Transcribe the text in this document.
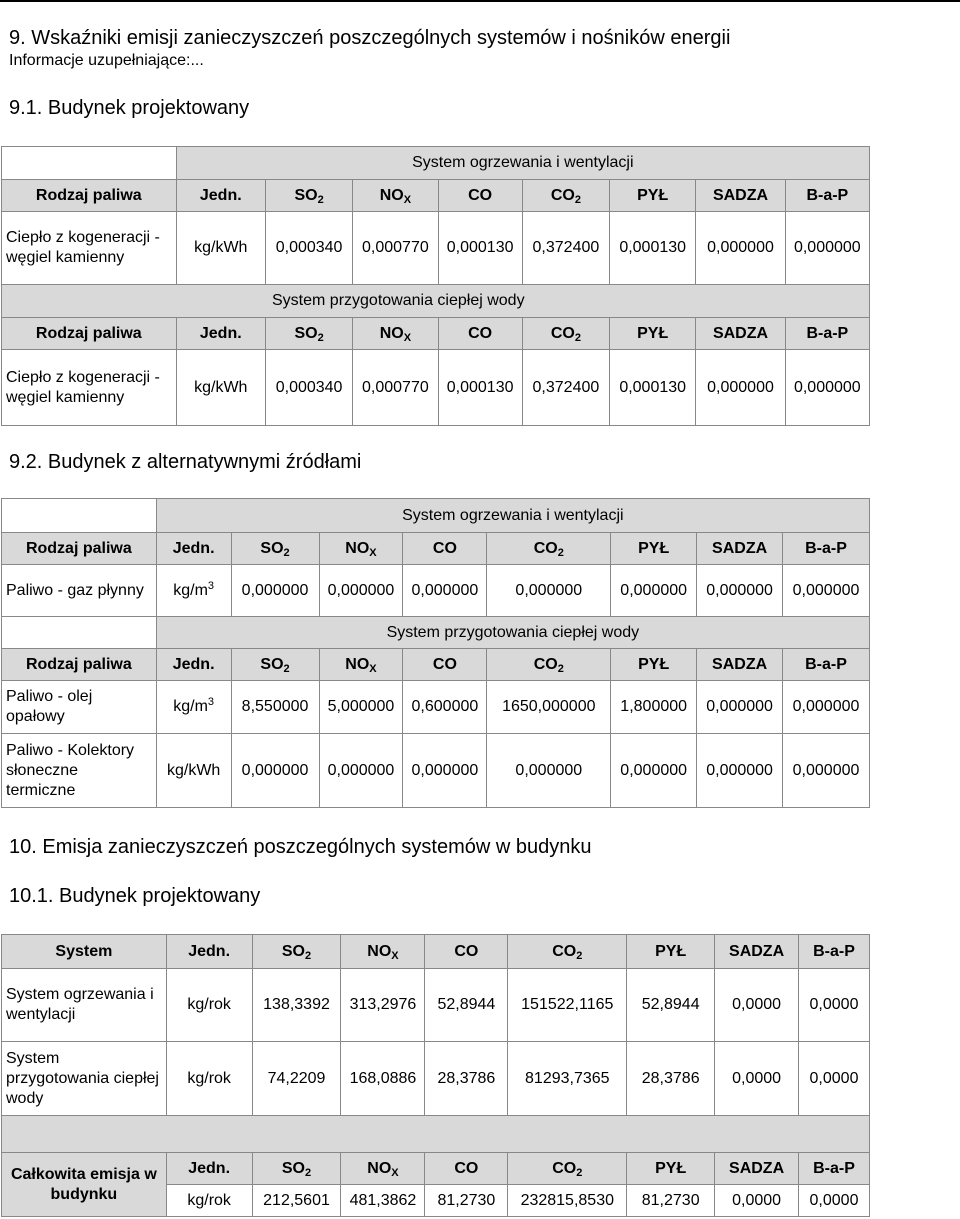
9. Wskaźniki emisji zanieczyszczeń poszczególnych systemów i nośników energii

Informacje uzupełniające:...

9.1. Budynek projektowany
	System ogrzewania i wentylacji							
Rodzaj paliwa	Jedn.	$SO_2$	$NO_X$	CO	$CO_2$	PYŁ	SADZA	B-a-P
Ciepło z kogeneracji - węgiel kamienny	kg/kWh	0,000340	0,000770	0,000130	0,372400	0,000130	0,000000	0,000000
System przygotowania ciepłej wody								
Rodzaj paliwa	Jedn.	$SO_2$	$NO_X$	CO	$CO_2$	PYŁ	SADZA	B-a-P
Ciepło z kogeneracji - węgiel kamienny	kg/kWh	0,000340	0,000770	0,000130	0,372400	0,000130	0,000000	0,000000
9.2. Budynek z alternatywnymi źródłami
	System ogrzewania i wentylacji							
Rodzaj paliwa	Jedn.	$SO_2$	$NO_X$	CO	$CO_2$	PYŁ	SADZA	B-a-P
Paliwo - gaz płynny	$kg/m^3$	0,000000	0,000000	0,000000	0,000000	0,000000	0,000000	0,000000
	System przygotowania ciepłej wody							
Rodzaj paliwa	Jedn.	$SO_2$	$NO_X$	CO	$CO_2$	PYŁ	SADZA	B-a-P
Paliwo - olej opałowy	$kg/m^3$	8,550000	5,000000	0,600000	1650,000000	1,800000	0,000000	0,000000
Paliwo - Kolektory słoneczne termiczne	kg/kWh	0,000000	0,000000	0,000000	0,000000	0,000000	0,000000	0,000000
10. Emisja zanieczyszczeń poszczególnych systemów w budynku
10.1. Budynek projektowany
System	Jedn.	$SO_2$	$NO_X$	CO	$CO_2$	PYŁ	SADZA	B-a-P
System ogrzewania i wentylacji	kg/rok	138,3392	313,2976	52,8944	151522,1165	52,8944	0,0000	0,0000
System przygotowania ciepłej wody	kg/rok	74,2209	168,0886	28,3786	81293,7365	28,3786	0,0000	0,0000

Całkowita emisja w budynku	Jedn.	$SO_2$	$NO_X$	CO	$CO_2$	PYŁ	SADZA	B-a-P
	kg/rok	212,5601	481,3862	81,2730	232815,8530	81,2730	0,0000	0,0000
